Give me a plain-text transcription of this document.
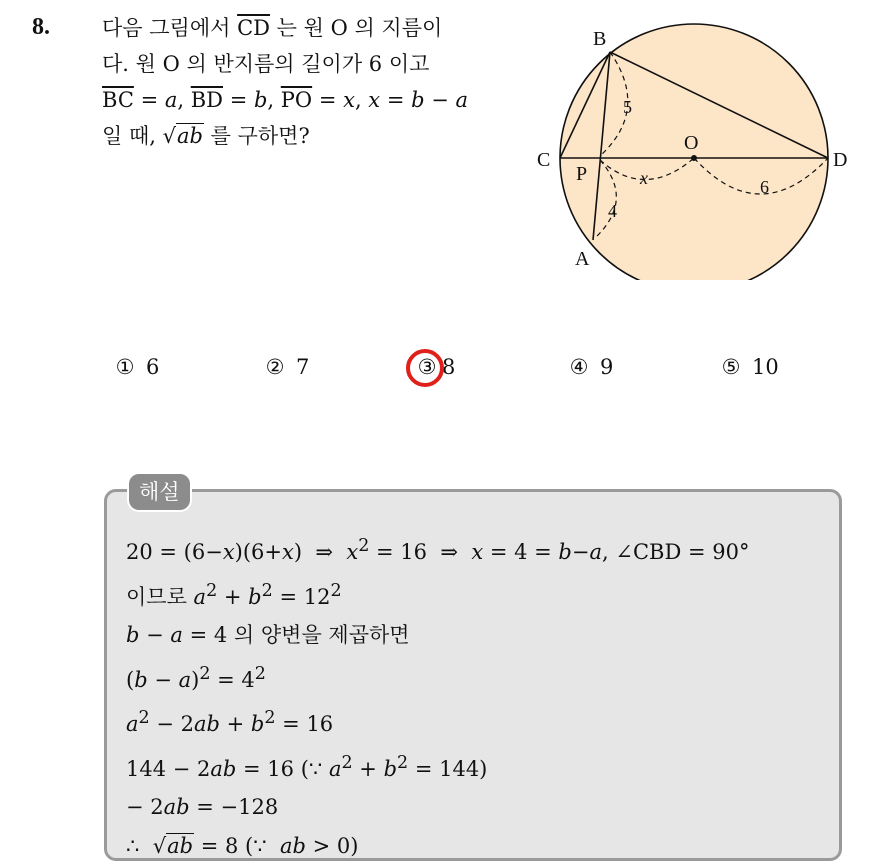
8. 다음 그림에서 $\overline{CD}$ 는 원 O 의 지름이
다. 원 O 의 반지름의 길이가 6 이고
$\overline{BC} = a$, $\overline{BD} = b$, $\overline{PO} = x$, x = b − a
일 때, √ab 를 구하면?
B
C	D
O
P
A
5
4
x	6
① 6	② 7	③ 8	④ 9	⑤ 10
해설
20 = (6−x)(6+x)  ⇒  $x^2 = 16$  ⇒  x = 4 = b−a, ∠CBD = 90°
이므로 $a^2 + b^2 = 12^2$
b − a = 4 의 양변을 제곱하면
$(b - a)^2 = 4^2$
$a^2 - 2ab + b^2 = 16$
144 − 2ab = 16 (∵ $a^2 + b^2 = 144$)
− 2ab = −128
∴  √ab = 8 (∵  ab > 0)
